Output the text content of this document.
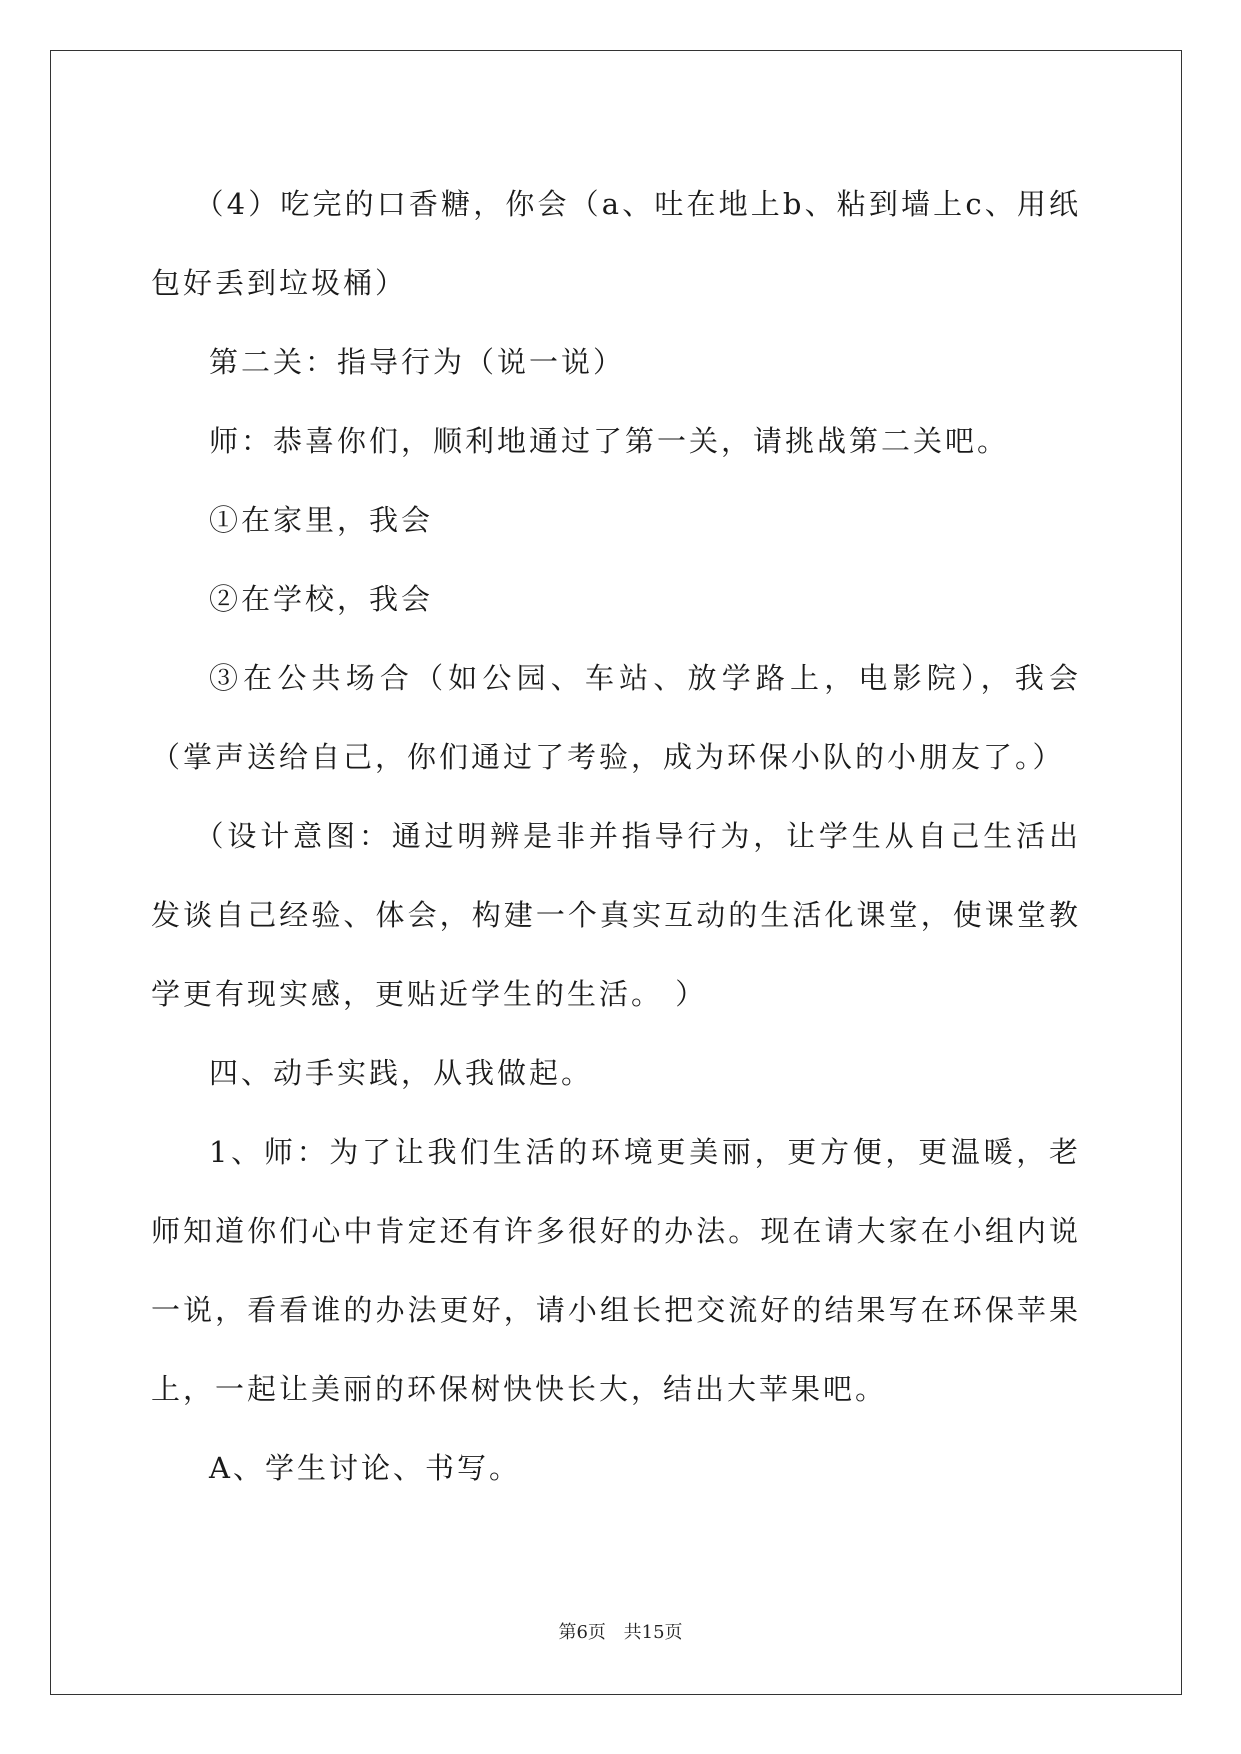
（4）吃完的口香糖，你会（a、吐在地上b、粘到墙上c、用纸包好丢到垃圾桶）

第二关：指导行为（说一说）

师：恭喜你们，顺利地通过了第一关，请挑战第二关吧。

①在家里，我会

②在学校，我会

③在公共场合（如公园、车站、放学路上，电影院），我会 （掌声送给自己，你们通过了考验，成为环保小队的小朋友了。）

（设计意图：通过明辨是非并指导行为，让学生从自己生活出发谈自己经验、体会，构建一个真实互动的生活化课堂，使课堂教学更有现实感，更贴近学生的生活。 ）

四、动手实践，从我做起。

1、师：为了让我们生活的环境更美丽，更方便，更温暖，老师知道你们心中肯定还有许多很好的办法。现在请大家在小组内说一说，看看谁的办法更好，请小组长把交流好的结果写在环保苹果上，一起让美丽的环保树快快长大，结出大苹果吧。

A、学生讨论、书写。

第6页 共15页
